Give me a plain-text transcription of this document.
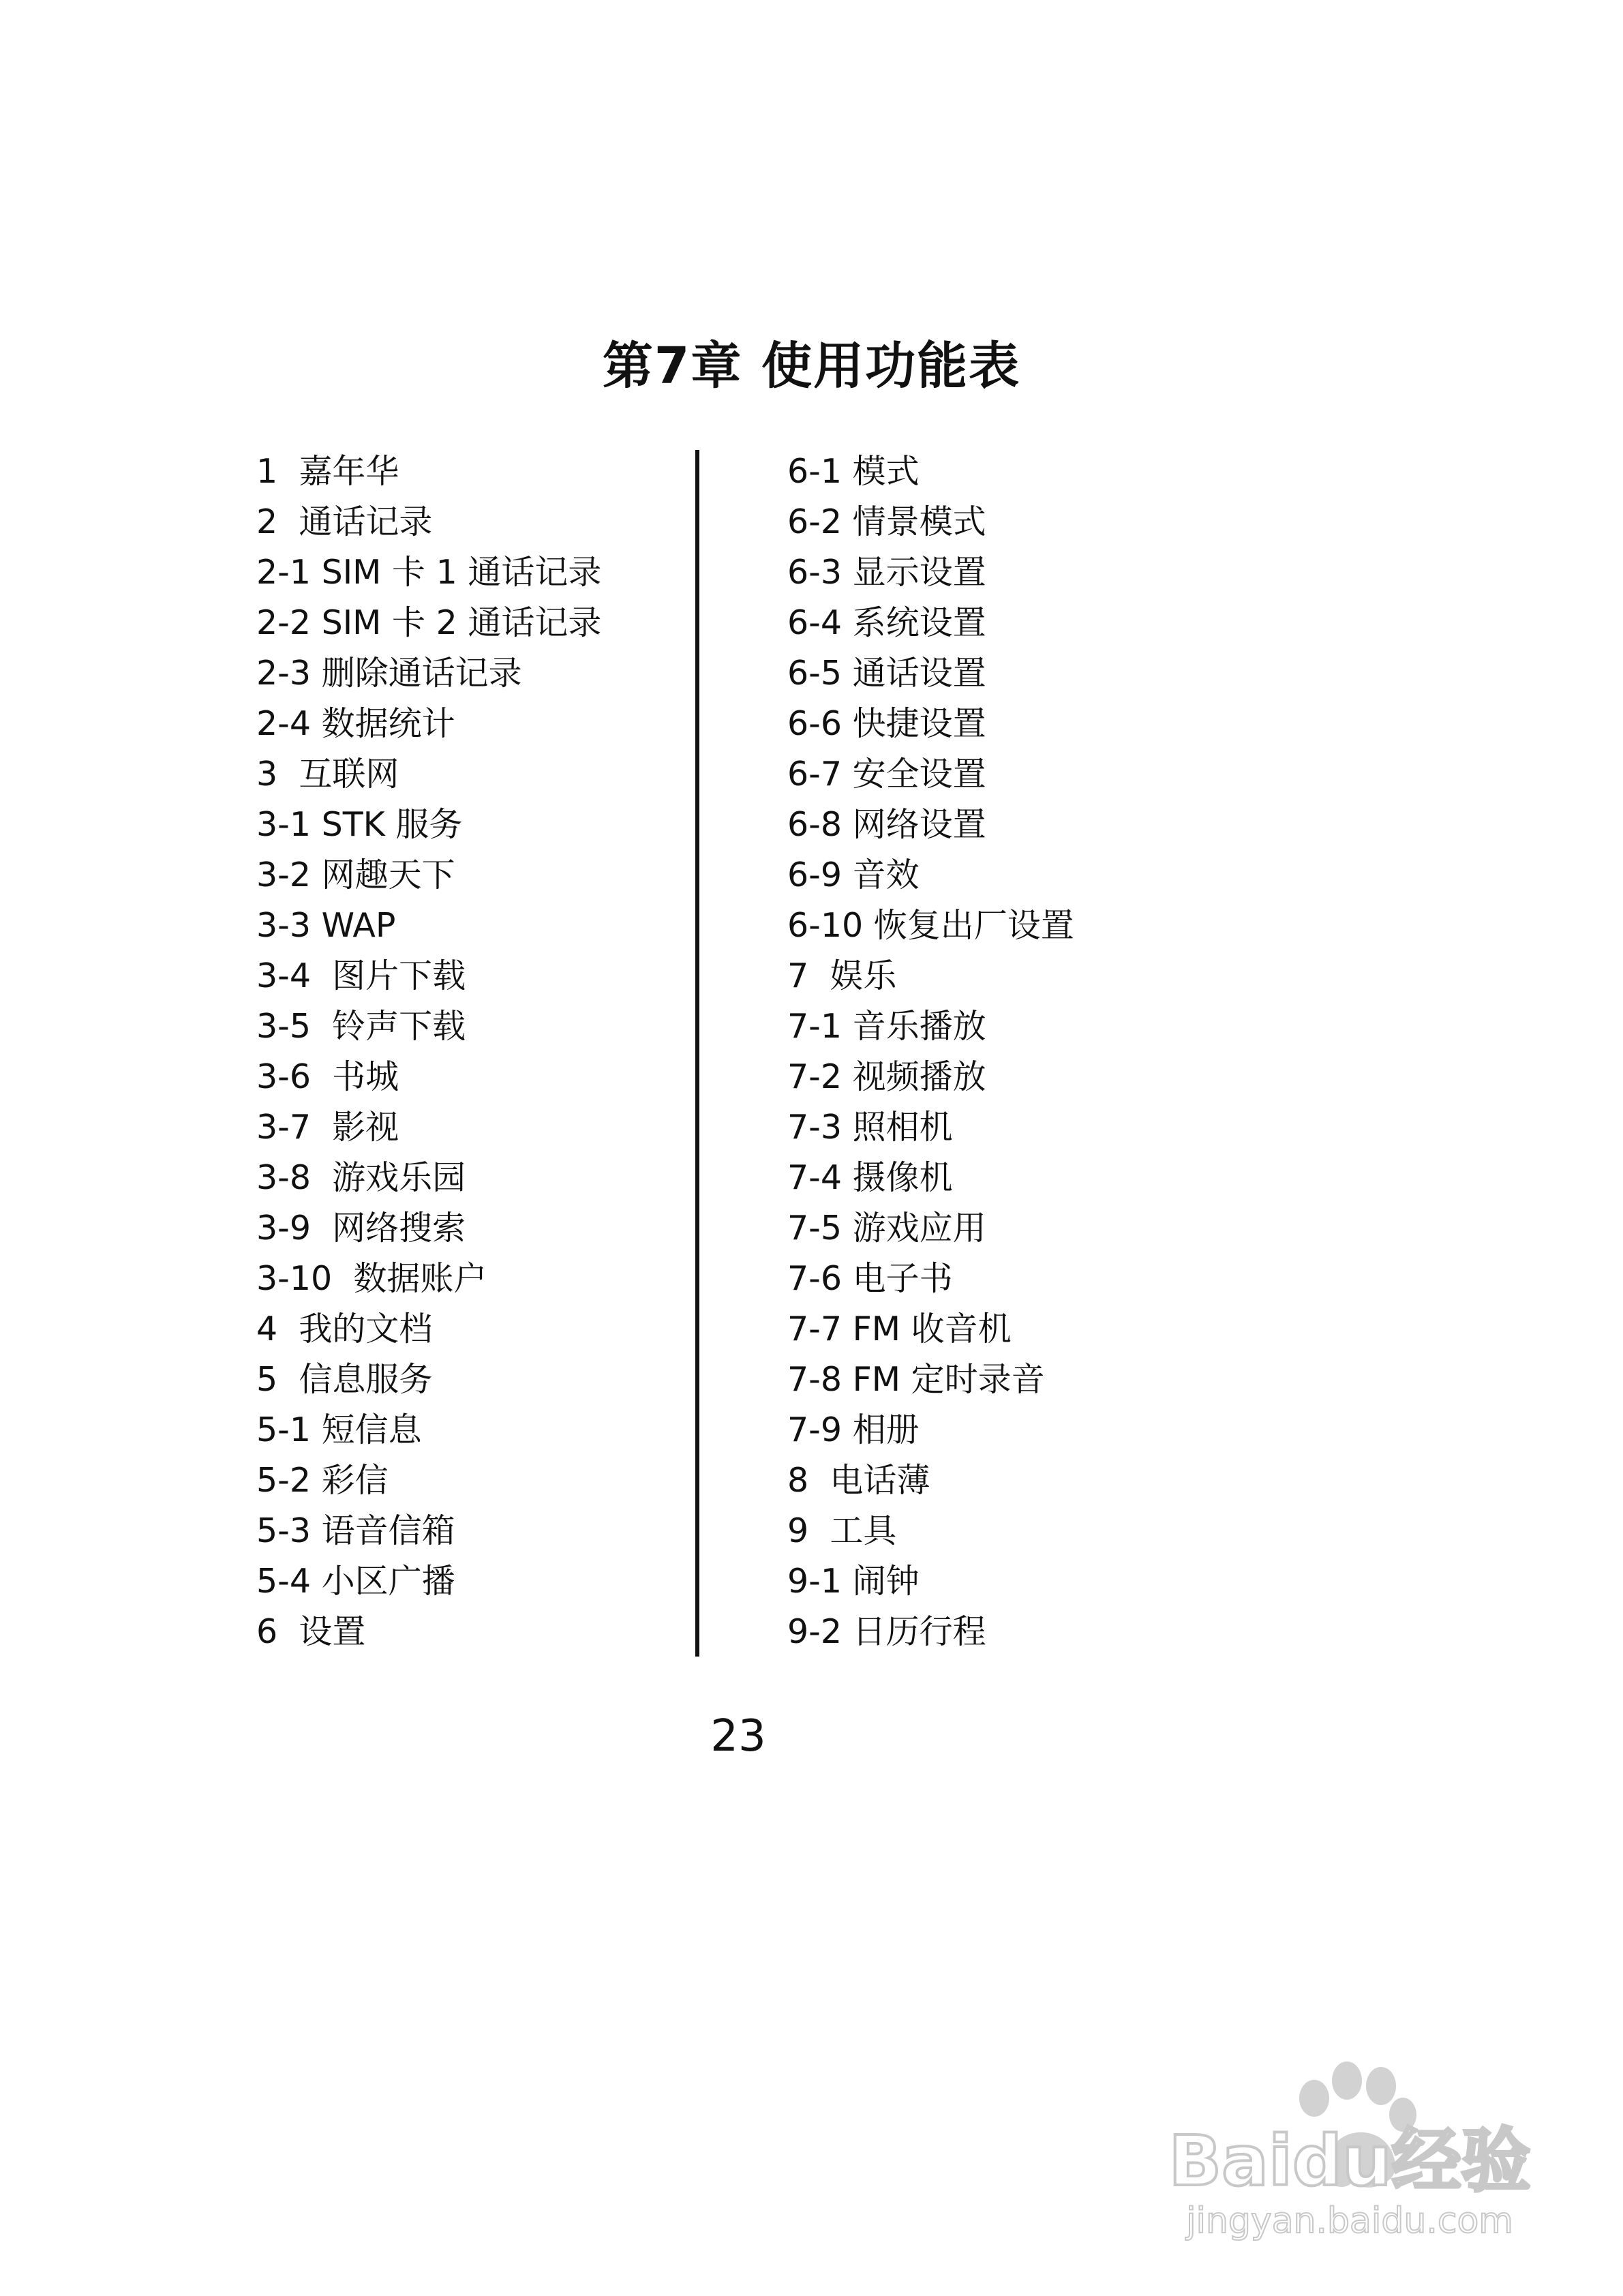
第7章 使用功能表
1  嘉年华
2  通话记录
2-1 SIM 卡 1 通话记录
2-2 SIM 卡 2 通话记录
2-3 删除通话记录
2-4 数据统计
3  互联网
3-1 STK 服务
3-2 网趣天下
3-3 WAP
3-4  图片下载
3-5  铃声下载
3-6  书城
3-7  影视
3-8  游戏乐园
3-9  网络搜索
3-10  数据账户
4  我的文档
5  信息服务
5-1 短信息
5-2 彩信
5-3 语音信箱
5-4 小区广播
6  设置
6-1 模式
6-2 情景模式
6-3 显示设置
6-4 系统设置
6-5 通话设置
6-6 快捷设置
6-7 安全设置
6-8 网络设置
6-9 音效
6-10 恢复出厂设置
7  娱乐
7-1 音乐播放
7-2 视频播放
7-3 照相机
7-4 摄像机
7-5 游戏应用
7-6 电子书
7-7 FM 收音机
7-8 FM 定时录音
7-9 相册
8  电话薄
9  工具
9-1 闹钟
9-2 日历行程
23
Baidu经验
jingyan.baidu.com
